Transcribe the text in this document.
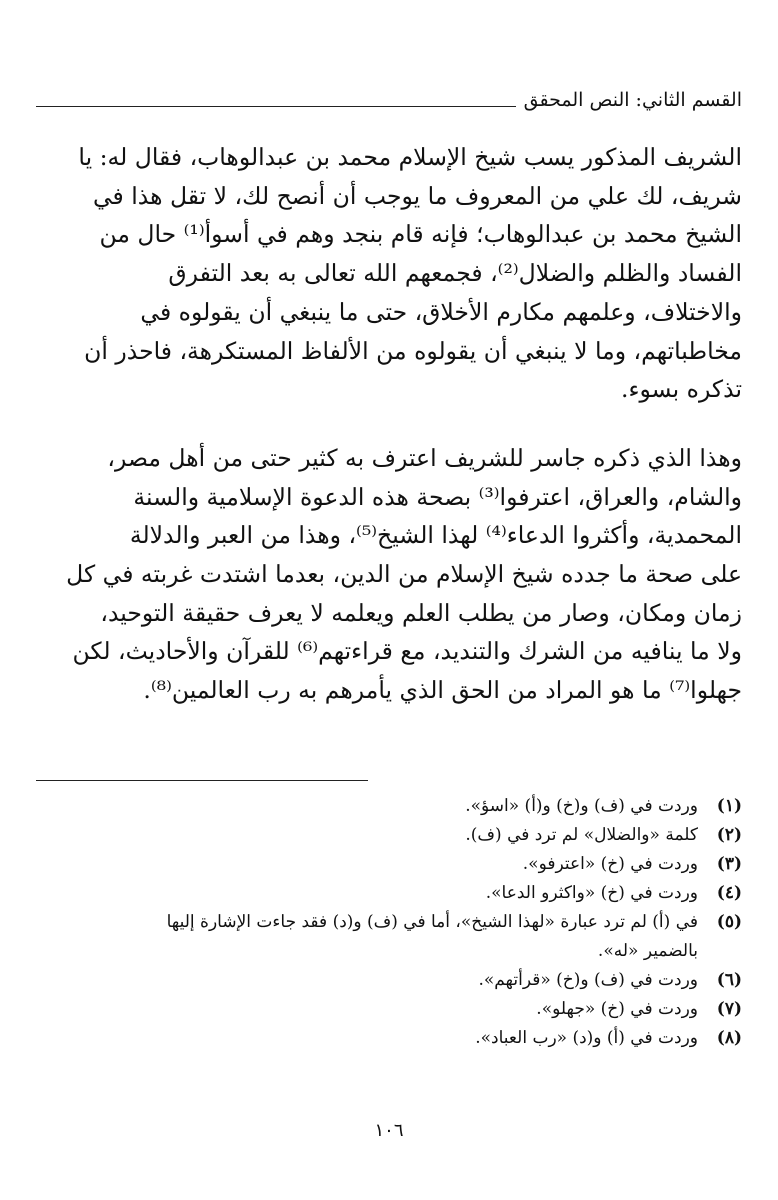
القسم الثاني: النص المحقق

الشريف المذكور يسب شيخ الإسلام محمد بن عبدالوهاب، فقال له: يا
شريف، لك علي من المعروف ما يوجب أن أنصح لك، لا تقل هذا في
الشيخ محمد بن عبدالوهاب؛ فإنه قام بنجد وهم في أسوأ⁽¹⁾ حال من
الفساد والظلم والضلال⁽²⁾، فجمعهم الله تعالى به بعد التفرق
والاختلاف، وعلمهم مكارم الأخلاق، حتى ما ينبغي أن يقولوه في
مخاطباتهم، وما لا ينبغي أن يقولوه من الألفاظ المستكرهة، فاحذر أن
تذكره بسوء.

وهذا الذي ذكره جاسر للشريف اعترف به كثير حتى من أهل مصر،
والشام، والعراق، اعترفوا⁽³⁾ بصحة هذه الدعوة الإسلامية والسنة
المحمدية، وأكثروا الدعاء⁽⁴⁾ لهذا الشيخ⁽⁵⁾، وهذا من العبر والدلالة
على صحة ما جدده شيخ الإسلام من الدين، بعدما اشتدت غربته في كل
زمان ومكان، وصار من يطلب العلم ويعلمه لا يعرف حقيقة التوحيد،
ولا ما ينافيه من الشرك والتنديد، مع قراءتهم⁽⁶⁾ للقرآن والأحاديث، لكن
جهلوا⁽⁷⁾ ما هو المراد من الحق الذي يأمرهم به رب العالمين⁽⁸⁾.

(١)
وردت في (ف) و(خ) و(أ) «اسؤ».
(٢)
كلمة «والضلال» لم ترد في (ف).
(٣)
وردت في (خ) «اعترفو».
(٤)
وردت في (خ) «واكثرو الدعا».
(٥)
في (أ) لم ترد عبارة «لهذا الشيخ»، أما في (ف) و(د) فقد جاءت الإشارة إليها
بالضمير «له».
(٦)
وردت في (ف) و(خ) «قرأتهم».
(٧)
وردت في (خ) «جهلو».
(٨)
وردت في (أ) و(د) «رب العباد».
١٠٦
